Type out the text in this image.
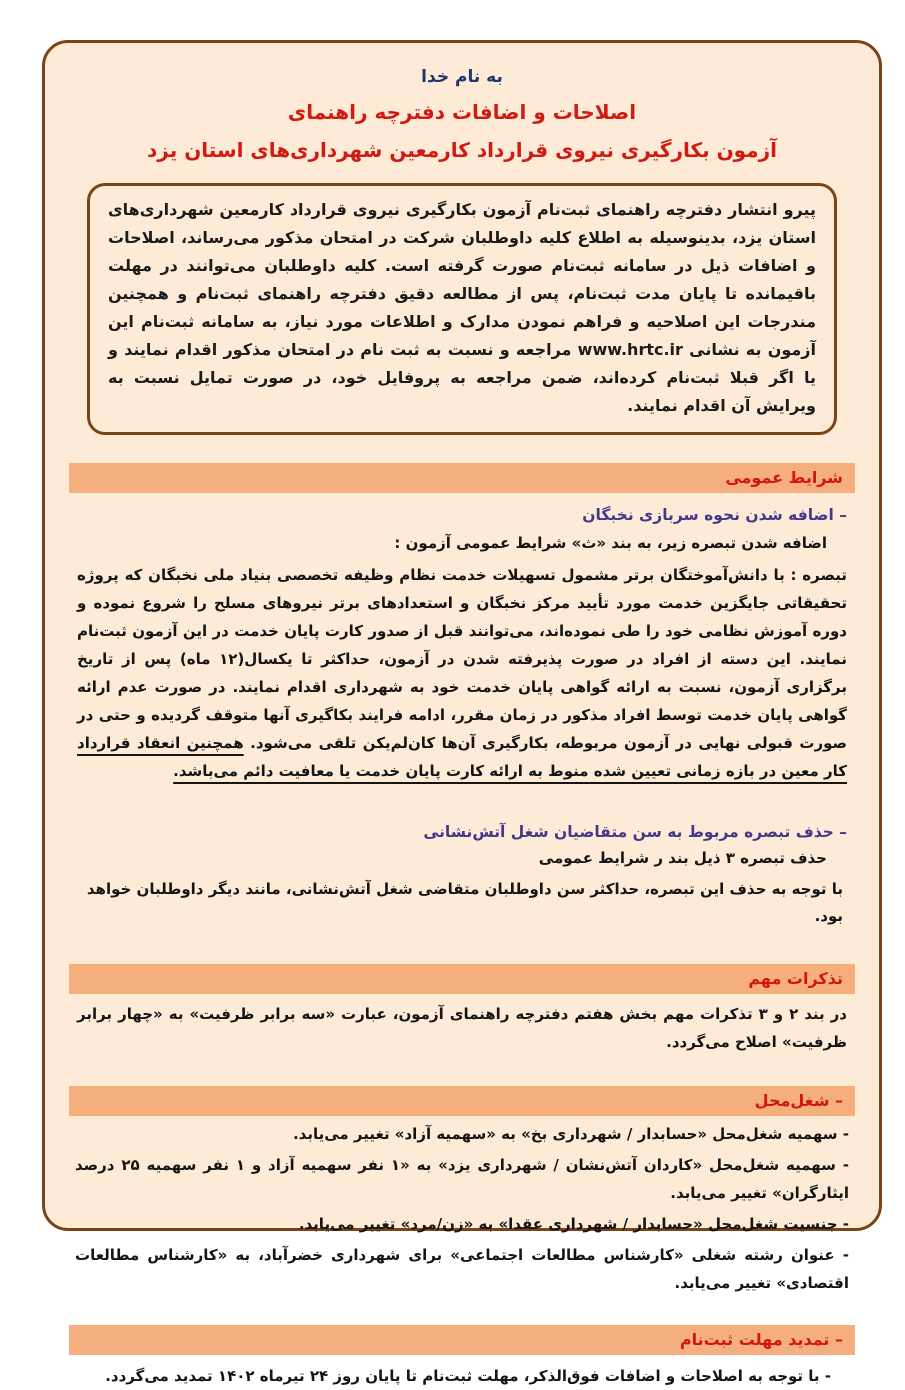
به نام خدا
اصلاحات و اضافات دفترچه راهنمای
آزمون بکارگیری نیروی قرارداد کارمعین شهرداری‌های استان یزد
پیرو انتشار دفترچه راهنمای ثبت‌نام آزمون بکارگیری نیروی قرارداد کارمعین شهرداری‌های استان یزد، بدینوسیله به اطلاع کلیه داوطلبان شرکت در امتحان مذکور می‌رساند، اصلاحات و اضافات ذیل در سامانه ثبت‌نام صورت گرفته است. کلیه داوطلبان می‌توانند در مهلت باقیمانده تا پایان مدت ثبت‌نام، پس از مطالعه دقیق دفترچه راهنمای ثبت‌نام و همچنین مندرجات این اصلاحیه و فراهم نمودن مدارک و اطلاعات مورد نیاز، به سامانه ثبت‌نام این آزمون به نشانی www.hrtc.ir مراجعه و نسبت به ثبت نام در امتحان مذکور اقدام نمایند و یا اگر قبلا ثبت‌نام کرده‌اند، ضمن مراجعه به پروفایل خود، در صورت تمایل نسبت به ویرایش آن اقدام نمایند.
شرایط عمومی
– اضافه شدن نحوه سربازی نخبگان
اضافه شدن تبصره زیر، به بند «ث» شرایط عمومی آزمون :

تبصره : با دانش‌آموختگان برتر مشمول تسهیلات خدمت نظام وظیفه تخصصی بنیاد ملی نخبگان که پروژه تحقیقاتی جایگزین خدمت مورد تأیید مرکز نخبگان و استعدادهای برتر نیروهای مسلح را شروع نموده و دوره آموزش نظامی خود را طی نموده‌اند، می‌توانند قبل از صدور کارت پایان خدمت در این آزمون ثبت‌نام نمایند. این دسته از افراد در صورت پذیرفته شدن در آزمون، حداکثر تا یکسال(۱۲ ماه) پس از تاریخ برگزاری آزمون، نسبت به ارائه گواهی پایان خدمت خود به شهرداری اقدام نمایند. در صورت عدم ارائه گواهی پایان خدمت توسط افراد مذکور در زمان مقرر، ادامه فرایند بکاگیری آنها متوقف گردیده و حتی در صورت قبولی نهایی در آزمون مربوطه، بکارگیری آن‌ها کان‌لم‌یکن تلقی می‌شود. همچنین انعقاد قرارداد کار معین در بازه زمانی تعیین شده منوط به ارائه کارت پایان خدمت یا معافیت دائم می‌باشد.

– حذف تبصره مربوط به سن متقاضیان شغل آتش‌نشانی
حذف تبصره ۳ ذیل بند ر شرایط عمومی
با توجه به حذف این تبصره، حداکثر سن داوطلبان متقاضی شغل آتش‌نشانی، مانند دیگر داوطلبان خواهد بود.
تذکرات مهم

در بند ۲ و ۳ تذکرات مهم بخش هفتم دفترچه راهنمای آزمون، عبارت «سه برابر ظرفیت» به «چهار برابر ظرفیت» اصلاح می‌گردد.

– شغل‌محل

- سهمیه شغل‌محل «حسابدار / شهرداری بخ» به «سهمیه آزاد» تغییر می‌یابد.

- سهمیه شغل‌محل «کاردان آتش‌نشان / شهرداری یزد» به «۱ نفر سهمیه آزاد و ۱ نفر سهمیه ۲۵ درصد ایثارگران» تغییر می‌یابد.

- جنسیت شغل‌محل «حسابدار / شهرداری عقدا» به «زن/مرد» تغییر می‌یابد.

- عنوان رشته شغلی «کارشناس مطالعات اجتماعی» برای شهرداری خضرآباد، به «کارشناس مطالعات اقتصادی» تغییر می‌یابد.

– تمدید مهلت ثبت‌نام
- با توجه به اصلاحات و اضافات فوق‌الذکر، مهلت ثبت‌نام تا پایان روز ۲۴ تیرماه ۱۴۰۲ تمدید می‌گردد.
